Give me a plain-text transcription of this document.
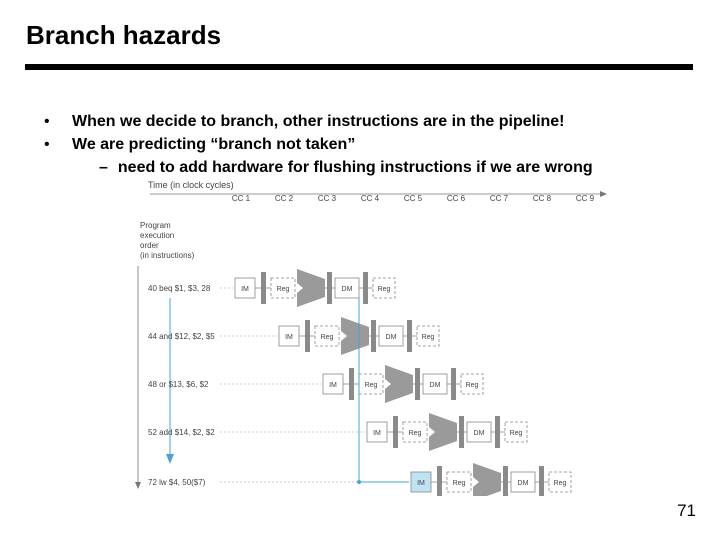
Branch hazards
• When we decide to branch, other instructions are in the pipeline!
• We are predicting “branch not taken”
– need to add hardware for flushing instructions if we are wrong
Time (in clock cycles)
CC 1	CC 2	CC 3	CC 4	CC 5	CC 6	CC 7	CC 8	CC 9
Program
execution
order
(in instructions)
40 beq $1, $3, 28	IM	Reg	DM	Reg
44 and $12, $2, $5	IM	Reg	DM	Reg
48 or $13, $6, $2	IM	Reg	DM	Reg
52 add $14, $2, $2	IM	Reg	DM	Reg
72 lw $4, 50($7)	IM	Reg	DM	Reg
71
